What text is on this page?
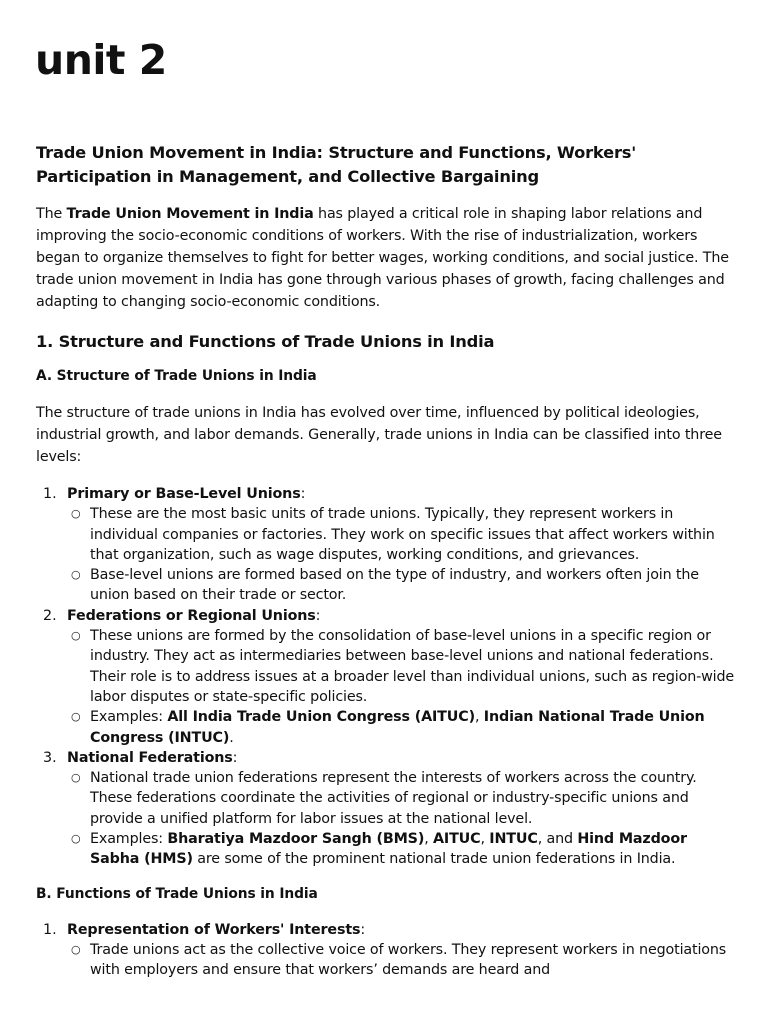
unit 2
Trade Union Movement in India: Structure and Functions, Workers' Participation in Management, and Collective Bargaining

The Trade Union Movement in India has played a critical role in shaping labor relations and improving the socio-economic conditions of workers. With the rise of industrialization, workers began to organize themselves to fight for better wages, working conditions, and social justice. The trade union movement in India has gone through various phases of growth, facing challenges and adapting to changing socio-economic conditions.

1. Structure and Functions of Trade Unions in India
A. Structure of Trade Unions in India

The structure of trade unions in India has evolved over time, influenced by political ideologies, industrial growth, and labor demands. Generally, trade unions in India can be classified into three levels:

1. Primary or Base-Level Unions:
○ These are the most basic units of trade unions. Typically, they represent workers in individual companies or factories. They work on specific issues that affect workers within that organization, such as wage disputes, working conditions, and grievances.
○ Base-level unions are formed based on the type of industry, and workers often join the union based on their trade or sector.
2. Federations or Regional Unions:
○ These unions are formed by the consolidation of base-level unions in a specific region or industry. They act as intermediaries between base-level unions and national federations. Their role is to address issues at a broader level than individual unions, such as region-wide labor disputes or state-specific policies.
○ Examples: All India Trade Union Congress (AITUC), Indian National Trade Union Congress (INTUC).
3. National Federations:
○ National trade union federations represent the interests of workers across the country. These federations coordinate the activities of regional or industry-specific unions and provide a unified platform for labor issues at the national level.
○ Examples: Bharatiya Mazdoor Sangh (BMS), AITUC, INTUC, and Hind Mazdoor Sabha (HMS) are some of the prominent national trade union federations in India.
B. Functions of Trade Unions in India
1. Representation of Workers' Interests:
○ Trade unions act as the collective voice of workers. They represent workers in negotiations with employers and ensure that workers’ demands are heard and
